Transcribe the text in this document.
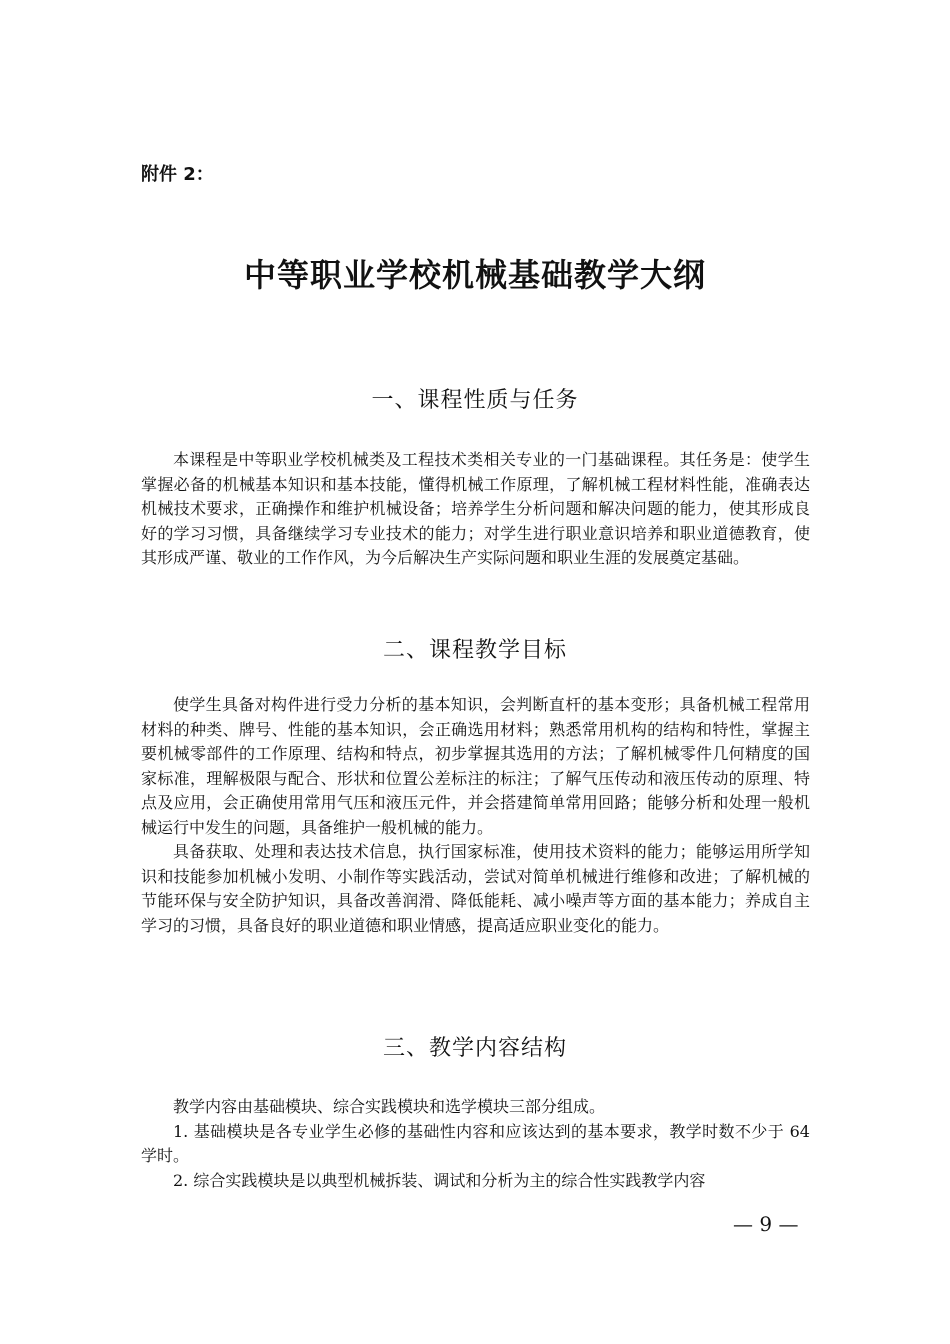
附件 2：
中等职业学校机械基础教学大纲
一、课程性质与任务

本课程是中等职业学校机械类及工程技术类相关专业的一门基础课程。其任务是：使学生掌握必备的机械基本知识和基本技能，懂得机械工作原理，了解机械工程材料性能，准确表达机械技术要求，正确操作和维护机械设备；培养学生分析问题和解决问题的能力，使其形成良好的学习习惯，具备继续学习专业技术的能力；对学生进行职业意识培养和职业道德教育，使其形成严谨、敬业的工作作风，为今后解决生产实际问题和职业生涯的发展奠定基础。

二、课程教学目标

使学生具备对构件进行受力分析的基本知识，会判断直杆的基本变形；具备机械工程常用材料的种类、牌号、性能的基本知识，会正确选用材料；熟悉常用机构的结构和特性，掌握主要机械零部件的工作原理、结构和特点，初步掌握其选用的方法；了解机械零件几何精度的国家标准，理解极限与配合、形状和位置公差标注的标注；了解气压传动和液压传动的原理、特点及应用，会正确使用常用气压和液压元件，并会搭建简单常用回路；能够分析和处理一般机械运行中发生的问题，具备维护一般机械的能力。

具备获取、处理和表达技术信息，执行国家标准，使用技术资料的能力；能够运用所学知识和技能参加机械小发明、小制作等实践活动，尝试对简单机械进行维修和改进；了解机械的节能环保与安全防护知识，具备改善润滑、降低能耗、减小噪声等方面的基本能力；养成自主学习的习惯，具备良好的职业道德和职业情感，提高适应职业变化的能力。

三、教学内容结构

教学内容由基础模块、综合实践模块和选学模块三部分组成。

1. 基础模块是各专业学生必修的基础性内容和应该达到的基本要求，教学时数不少于 64 学时。

2. 综合实践模块是以典型机械拆装、调试和分析为主的综合性实践教学内容

— 9 —
